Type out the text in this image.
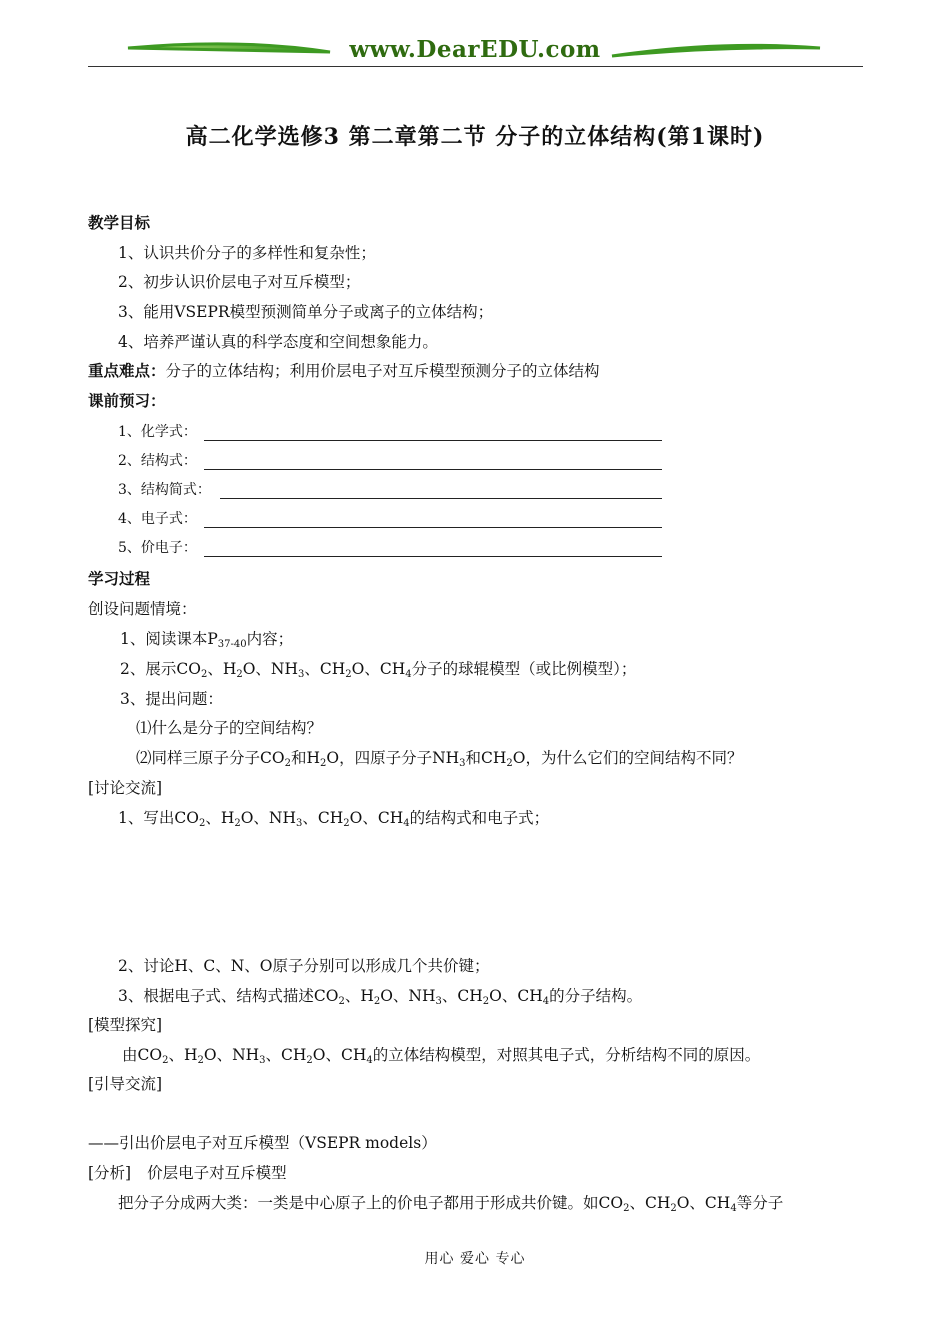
www.DearEDU.com
高二化学选修3 第二章第二节 分子的立体结构(第1课时)
教学目标
1、认识共价分子的多样性和复杂性；
2、初步认识价层电子对互斥模型；
3、能用VSEPR模型预测简单分子或离子的立体结构；
4、培养严谨认真的科学态度和空间想象能力。
重点难点：分子的立体结构；利用价层电子对互斥模型预测分子的立体结构
课前预习：
1、化学式：
2、结构式：
3、结构简式：
4、电子式：
5、价电子：
学习过程
创设问题情境：
1、阅读课本$P_{37-40}$内容；
2、展示$CO_2$、$H_2O$、$NH_3$、$CH_2O$、$CH_4$分子的球辊模型（或比例模型）；
3、提出问题：
⑴什么是分子的空间结构？
⑵同样三原子分子$CO_2$和$H_2O$，四原子分子$NH_3$和$CH_2O$，为什么它们的空间结构不同？
[讨论交流]
1、写出$CO_2$、$H_2O$、$NH_3$、$CH_2O$、$CH_4$的结构式和电子式；
2、讨论H、C、N、O原子分别可以形成几个共价键；
3、根据电子式、结构式描述$CO_2$、$H_2O$、$NH_3$、$CH_2O$、$CH_4$的分子结构。
[模型探究]
由$CO_2$、$H_2O$、$NH_3$、$CH_2O$、$CH_4$的立体结构模型，对照其电子式，分析结构不同的原因。
[引导交流]
——引出价层电子对互斥模型（VSEPR models）
[分析] 价层电子对互斥模型
把分子分成两大类：一类是中心原子上的价电子都用于形成共价键。如$CO_2$、$CH_2O$、$CH_4$等分子
用心 爱心 专心
